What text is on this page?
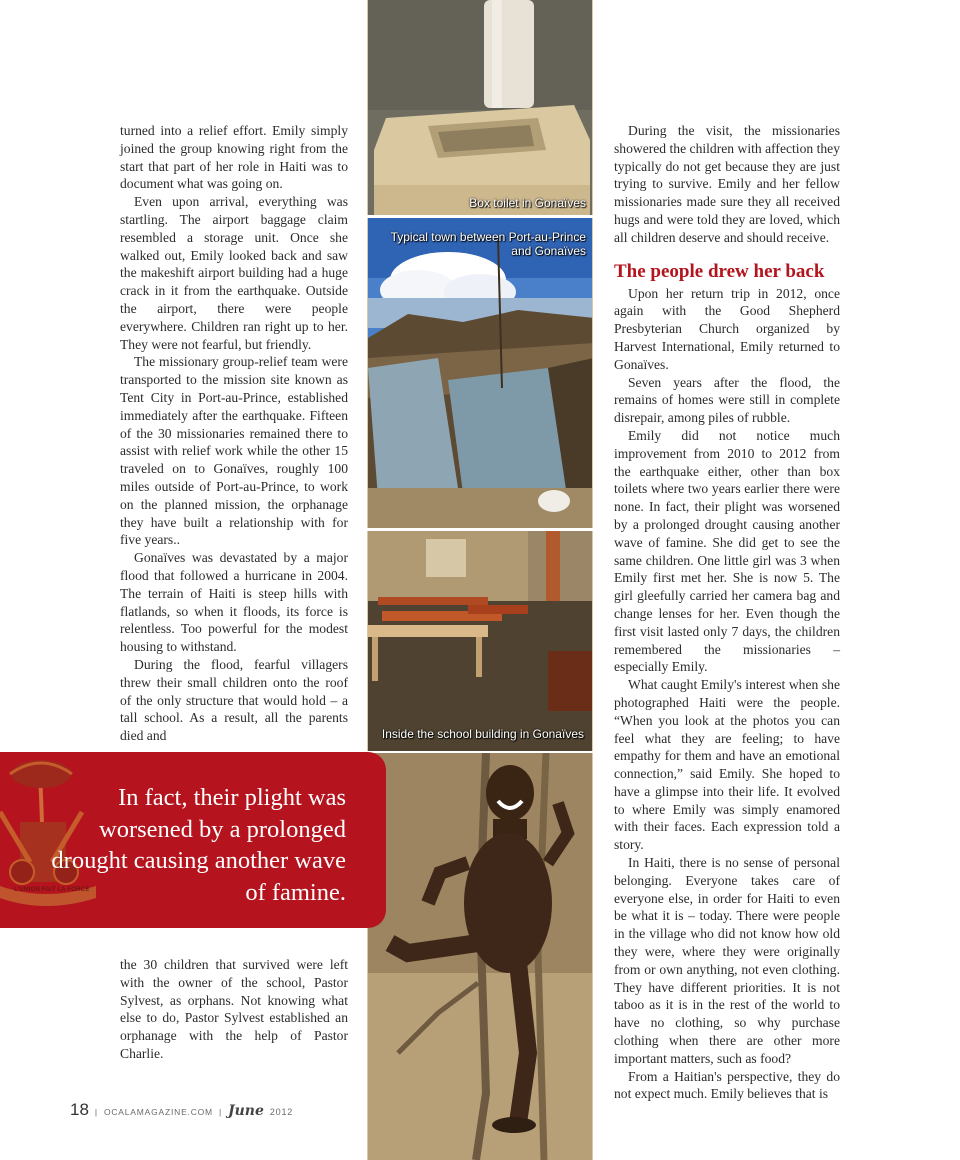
turned into a relief effort. Emily simply joined the group knowing right from the start that part of her role in Haiti was to document what was going on.

Even upon arrival, everything was startling. The airport baggage claim resembled a storage unit. Once she walked out, Emily looked back and saw the makeshift airport building had a huge crack in it from the earthquake. Outside the airport, there were people everywhere. Children ran right up to her. They were not fearful, but friendly.

The missionary group-relief team were transported to the mission site known as Tent City in Port-au-Prince, established immediately after the earthquake. Fifteen of the 30 missionaries remained there to assist with relief work while the other 15 traveled on to Gonaïves, roughly 100 miles outside of Port-au-Prince, to work on the planned mission, the orphanage they have built a relationship with for five years..

Gonaïves was devastated by a major flood that followed a hurricane in 2004. The terrain of Haiti is steep hills with flatlands, so when it floods, its force is relentless. Too powerful for the modest housing to withstand.

During the flood, fearful villagers threw their small children onto the roof of the only structure that would hold – a tall school. As a result, all the parents died and

Box toilet in Gonaïves
Typical town between Port-au-Prince and Gonaïves
Inside the school building in Gonaïves
L'UNION FAIT LA FORCE
In fact, their plight was worsened by a prolonged drought causing another wave of famine.

the 30 children that survived were left with the owner of the school, Pastor Sylvest, as orphans. Not knowing what else to do, Pastor Sylvest established an orphanage with the help of Pastor Charlie.

During the visit, the missionaries showered the children with affection they typically do not get because they are just trying to survive. Emily and her fellow missionaries made sure they all received hugs and were told they are loved, which all children deserve and should receive.

The people drew her back

Upon her return trip in 2012, once again with the Good Shepherd Presbyterian Church organized by Harvest International, Emily returned to Gonaïves.

Seven years after the flood, the remains of homes were still in complete disrepair, among piles of rubble.

Emily did not notice much improvement from 2010 to 2012 from the earthquake either, other than box toilets where two years earlier there were none. In fact, their plight was worsened by a prolonged drought causing another wave of famine. She did get to see the same children. One little girl was 3 when Emily first met her. She is now 5. The girl gleefully carried her camera bag and change lenses for her. Even though the first visit lasted only 7 days, the children remembered the missionaries – especially Emily.

What caught Emily's interest when she photographed Haiti were the people. “When you look at the photos you can feel what they are feeling; to have empathy for them and have an emotional connection,” said Emily. She hoped to have a glimpse into their life. It evolved to where Emily was simply enamored with their faces. Each expression told a story.

In Haiti, there is no sense of personal belonging. Everyone takes care of everyone else, in order for Haiti to even be what it is – today. There were people in the village who did not know how old they were, where they were originally from or own anything, not even clothing. They have different priorities. It is not taboo as it is in the rest of the world to have no clothing, so why purchase clothing when there are other more important matters, such as food?

From a Haitian's perspective, they do not expect much. Emily believes that is

18 | OCALAMAGAZINE.COM | June 2012
